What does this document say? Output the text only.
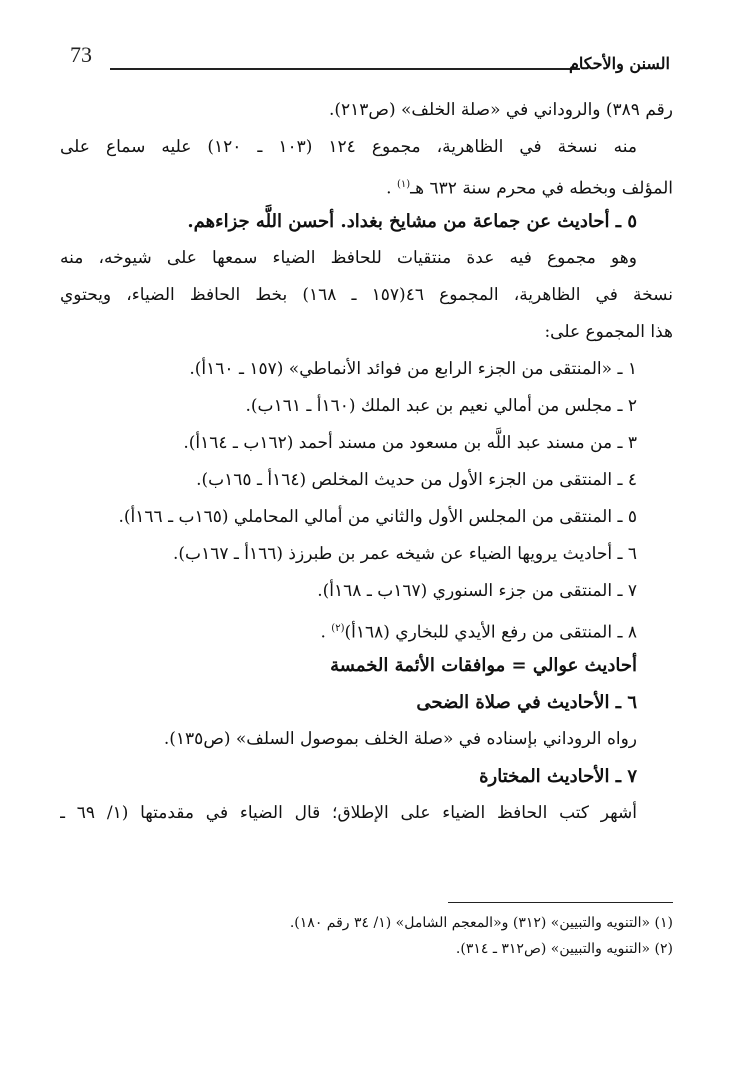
73	السنن والأحكام
رقم ٣٨٩) والروداني في «صلة الخلف» (ص٢١٣).
منه نسخة في الظاهرية، مجموع ١٢٤ (١٠٣ ـ ١٢٠) عليه سماع على
المؤلف وبخطه في محرم سنة ٦٣٢ هـ$^{(١)}$ .
٥ ـ أحاديث عن جماعة من مشايخ بغداد. أحسن اللَّه جزاءهم.
وهو مجموع فيه عدة منتقيات للحافظ الضياء سمعها على شيوخه، منه
نسخة في الظاهرية، المجموع ٤٦(١٥٧ ـ ١٦٨) بخط الحافظ الضياء، ويحتوي
هذا المجموع على:
١ ـ «المنتقى من الجزء الرابع من فوائد الأنماطي» (١٥٧ ـ ١٦٠أ).
٢ ـ مجلس من أمالي نعيم بن عبد الملك (١٦٠أ ـ ١٦١ب).
٣ ـ من مسند عبد اللَّه بن مسعود من مسند أحمد (١٦٢ب ـ ١٦٤أ).
٤ ـ المنتقى من الجزء الأول من حديث المخلص (١٦٤أ ـ ١٦٥ب).
٥ ـ المنتقى من المجلس الأول والثاني من أمالي المحاملي (١٦٥ب ـ ١٦٦أ).
٦ ـ أحاديث يرويها الضياء عن شيخه عمر بن طبرزذ (١٦٦أ ـ ١٦٧ب).
٧ ـ المنتقى من جزء السنوري (١٦٧ب ـ ١٦٨أ).
٨ ـ المنتقى من رفع الأيدي للبخاري (١٦٨أ)$^{(٢)}$ .
أحاديث عوالي = موافقات الأئمة الخمسة
٦ ـ الأحاديث في صلاة الضحى
رواه الروداني بإسناده في «صلة الخلف بموصول السلف» (ص١٣٥).
٧ ـ الأحاديث المختارة
أشهر كتب الحافظ الضياء على الإطلاق؛ قال الضياء في مقدمتها (١/ ٦٩ ـ
(١) «التنويه والتبيين» (٣١٢) و«المعجم الشامل» (١/ ٣٤ رقم ١٨٠).
(٢) «التنويه والتبيين» (ص٣١٢ ـ ٣١٤).
